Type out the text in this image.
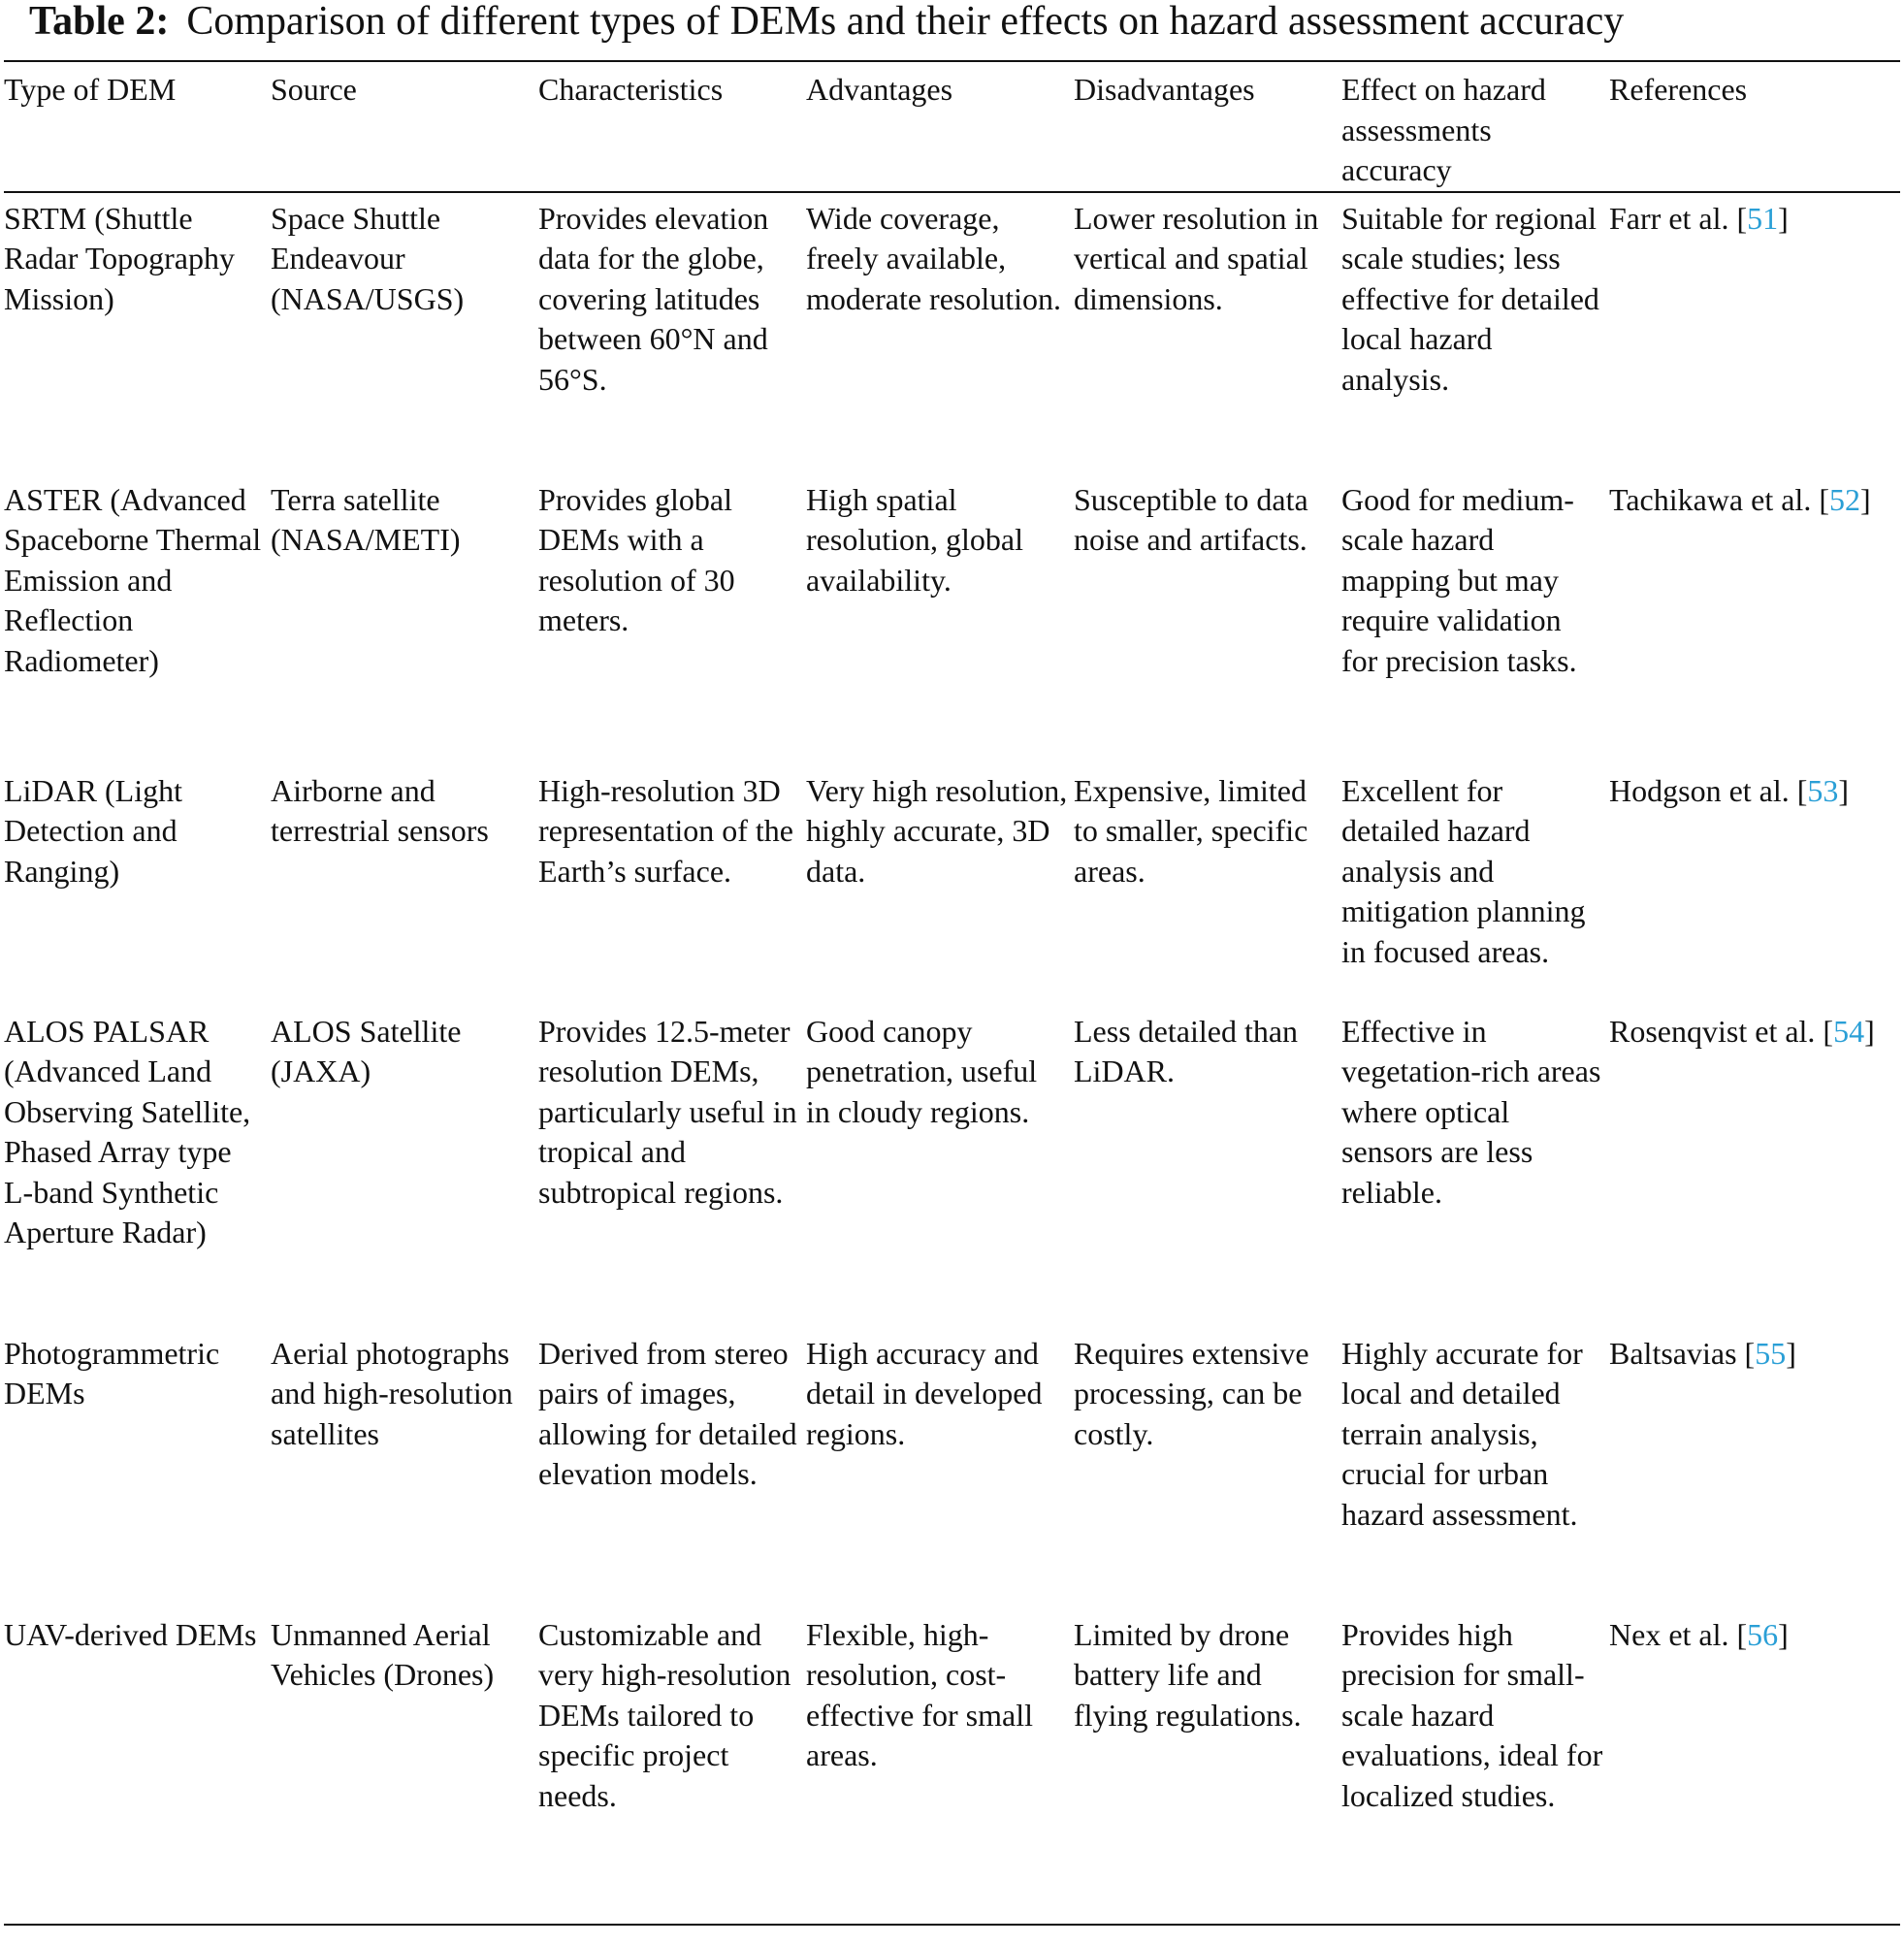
Table 2: Comparison of different types of DEMs and their effects on hazard assessment accuracy
Type of DEM	Source	Characteristics	Advantages	Disadvantages	Effect on hazard assessments accuracy	References
SRTM (Shuttle Radar Topography Mission)	Space Shuttle Endeavour (NASA/USGS)	Provides elevation data for the globe, covering latitudes between 60°N and 56°S.	Wide coverage, freely available, moderate resolution.	Lower resolution in vertical and spatial dimensions.	Suitable for regional scale studies; less effective for detailed local hazard analysis.	Farr et al. [51]
ASTER (Advanced Spaceborne Thermal Emission and Reflection Radiometer)	Terra satellite (NASA/METI)	Provides global DEMs with a resolution of 30 meters.	High spatial resolution, global availability.	Susceptible to data noise and artifacts.	Good for medium-scale hazard mapping but may require validation for precision tasks.	Tachikawa et al. [52]
LiDAR (Light Detection and Ranging)	Airborne and terrestrial sensors	High-resolution 3D representation of the Earth’s surface.	Very high resolution, highly accurate, 3D data.	Expensive, limited to smaller, specific areas.	Excellent for detailed hazard analysis and mitigation planning in focused areas.	Hodgson et al. [53]
ALOS PALSAR (Advanced Land Observing Satellite, Phased Array type L-band Synthetic Aperture Radar)	ALOS Satellite (JAXA)	Provides 12.5-meter resolution DEMs, particularly useful in tropical and subtropical regions.	Good canopy penetration, useful in cloudy regions.	Less detailed than LiDAR.	Effective in vegetation-rich areas where optical sensors are less reliable.	Rosenqvist et al. [54]
Photogrammetric DEMs	Aerial photographs and high-resolution satellites	Derived from stereo pairs of images, allowing for detailed elevation models.	High accuracy and detail in developed regions.	Requires extensive processing, can be costly.	Highly accurate for local and detailed terrain analysis, crucial for urban hazard assessment.	Baltsavias [55]
UAV-derived DEMs	Unmanned Aerial Vehicles (Drones)	Customizable and very high-resolution DEMs tailored to specific project needs.	Flexible, high-resolution, cost-effective for small areas.	Limited by drone battery life and flying regulations.	Provides high precision for small-scale hazard evaluations, ideal for localized studies.	Nex et al. [56]
